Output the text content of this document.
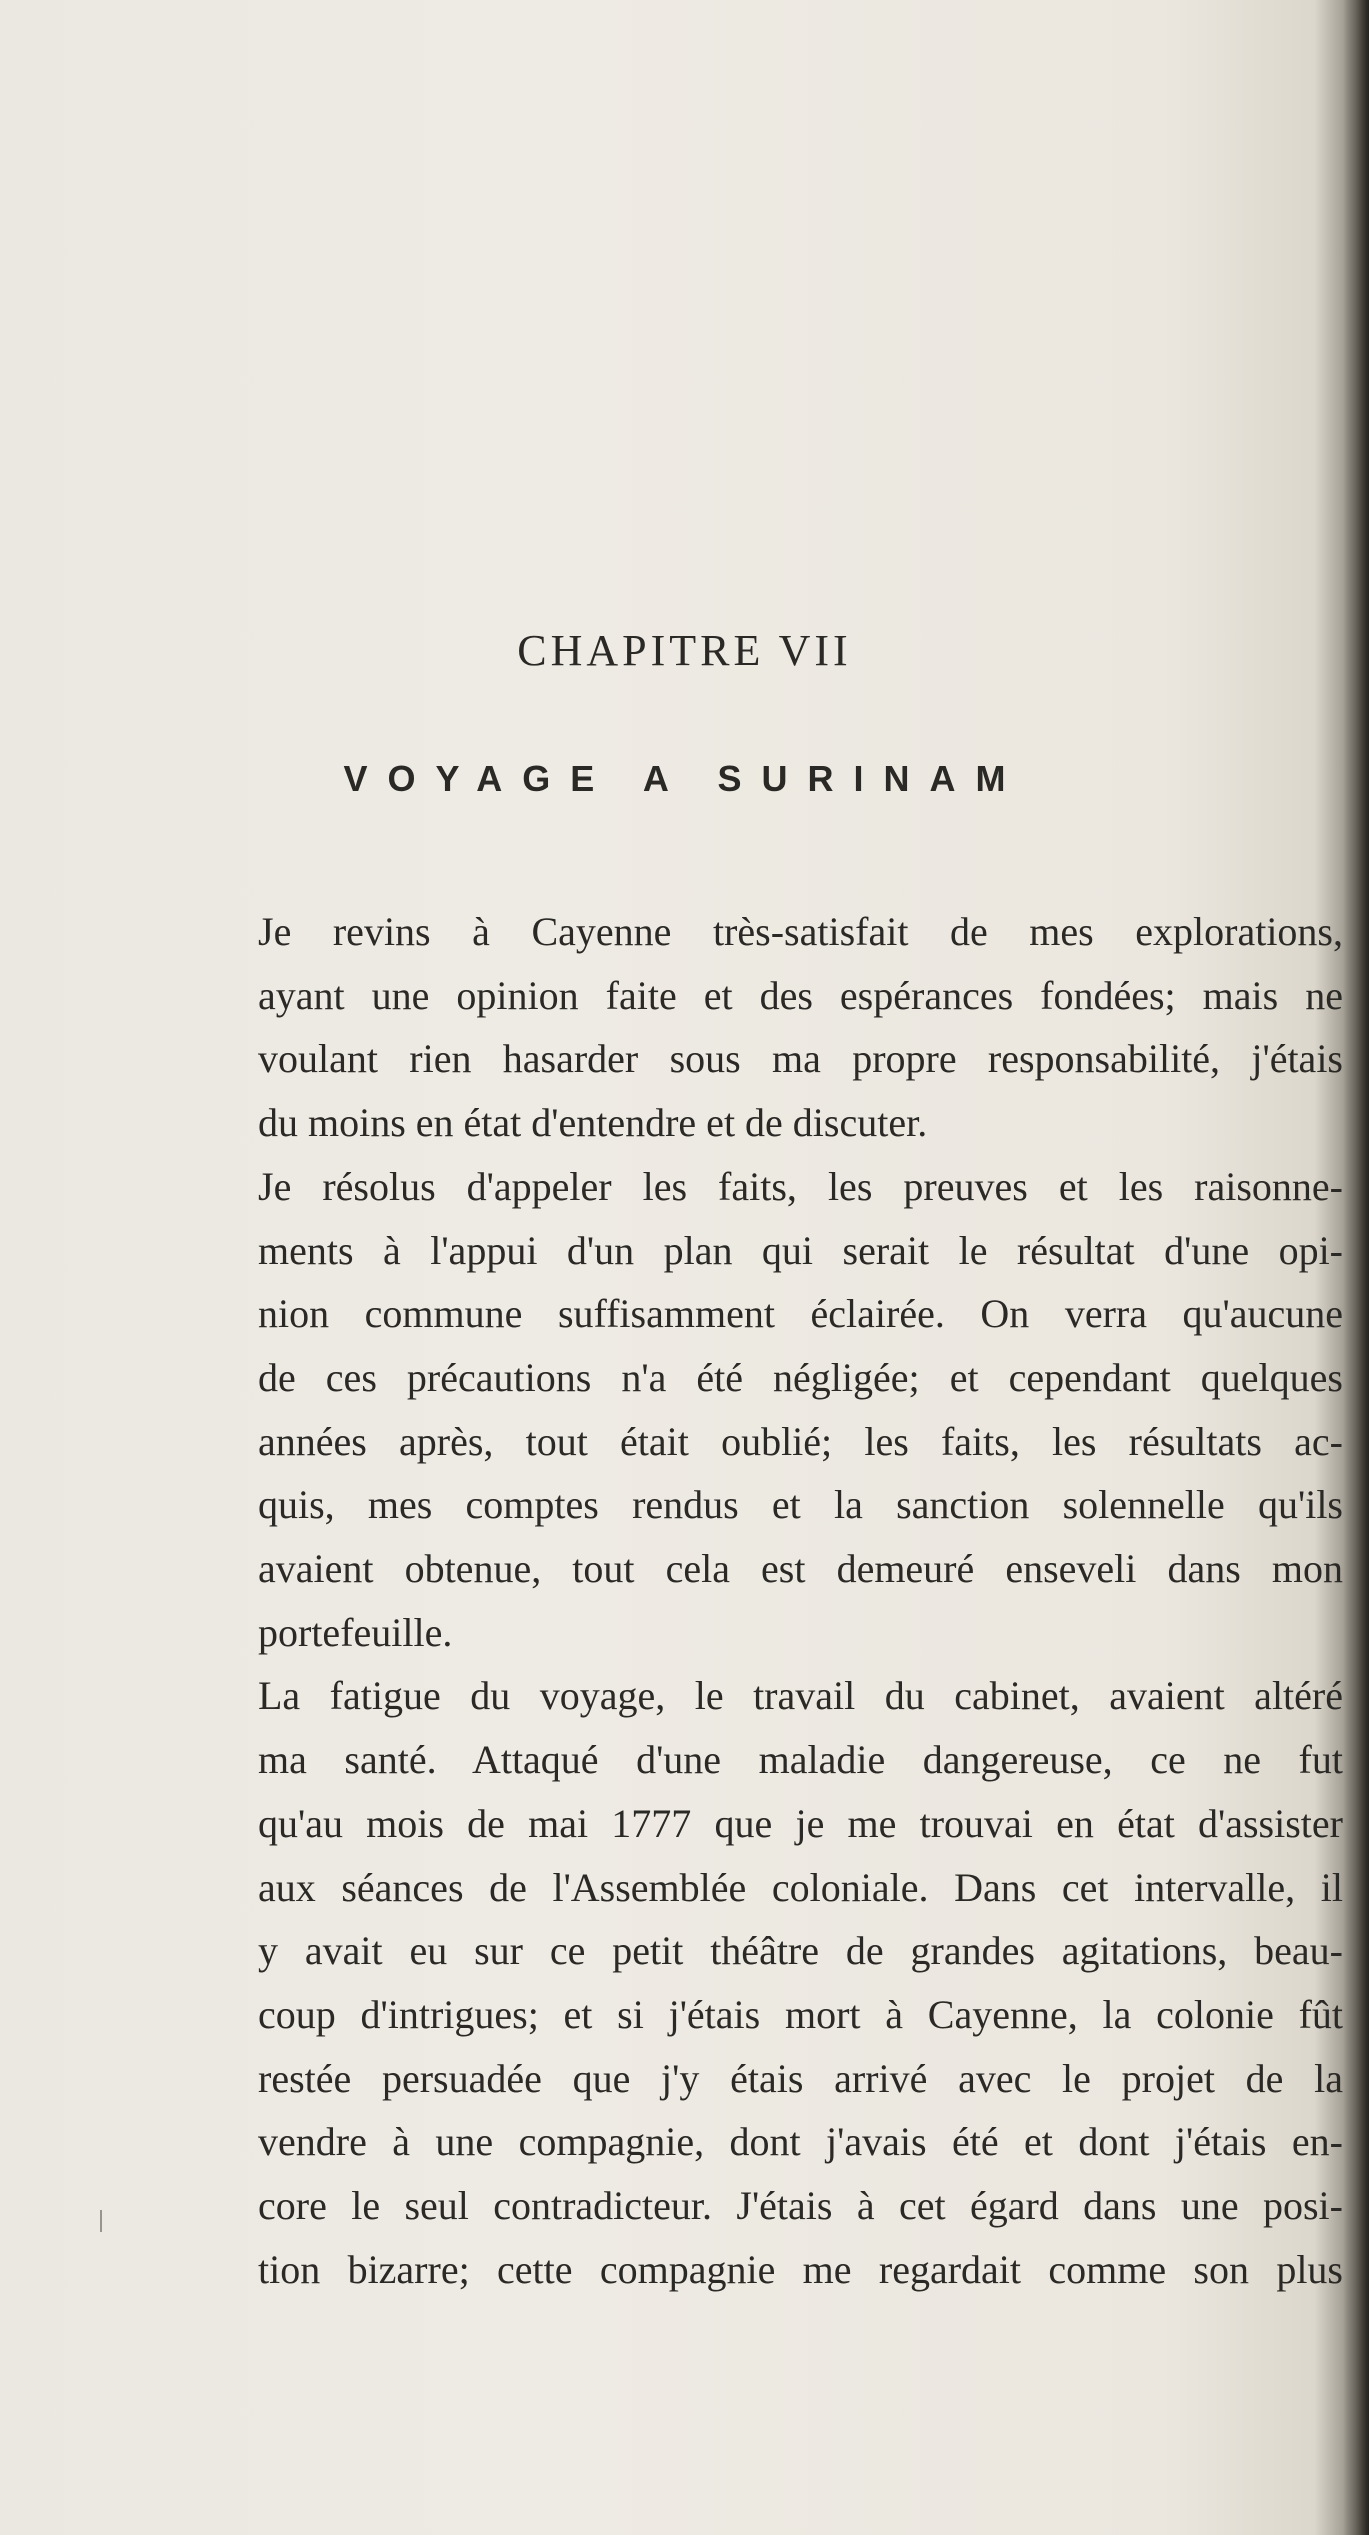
CHAPITRE VII
VOYAGE A SURINAM

Je revins à Cayenne très-satisfait de mes explorations,
ayant une opinion faite et des espérances fondées; mais ne
voulant rien hasarder sous ma propre responsabilité, j'étais
du moins en état d'entendre et de discuter.

Je résolus d'appeler les faits, les preuves et les raisonne-
ments à l'appui d'un plan qui serait le résultat d'une opi-
nion commune suffisamment éclairée. On verra qu'aucune
de ces précautions n'a été négligée; et cependant quelques
années après, tout était oublié; les faits, les résultats ac-
quis, mes comptes rendus et la sanction solennelle qu'ils
avaient obtenue, tout cela est demeuré enseveli dans mon
portefeuille.

La fatigue du voyage, le travail du cabinet, avaient altéré
ma santé. Attaqué d'une maladie dangereuse, ce ne fut
qu'au mois de mai 1777 que je me trouvai en état d'assister
aux séances de l'Assemblée coloniale. Dans cet intervalle, il
y avait eu sur ce petit théâtre de grandes agitations, beau-
coup d'intrigues; et si j'étais mort à Cayenne, la colonie fût
restée persuadée que j'y étais arrivé avec le projet de la
vendre à une compagnie, dont j'avais été et dont j'étais en-
core le seul contradicteur. J'étais à cet égard dans une posi-
tion bizarre; cette compagnie me regardait comme son plus
